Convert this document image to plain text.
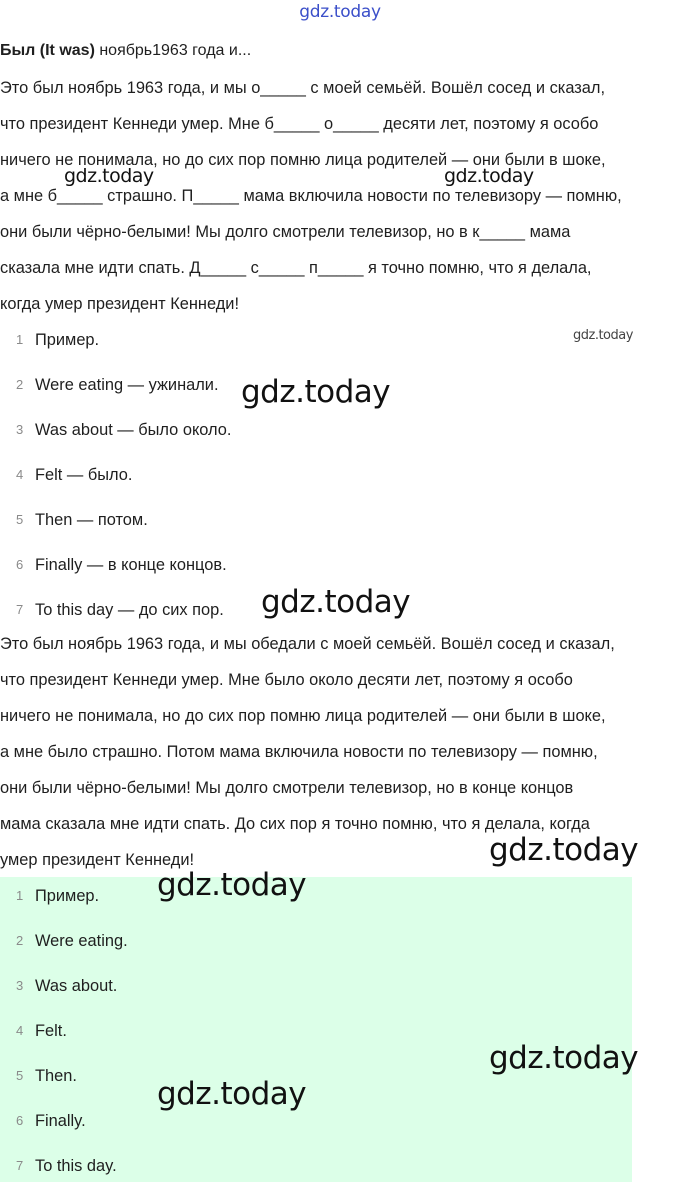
gdz.today
Был (It was) ноябрь1963 года и...
Это был ноябрь 1963 года, и мы о_____ с моей семьёй. Вошёл сосед и сказал,
что президент Кеннеди умер. Мне б_____ о_____ десяти лет, поэтому я особо
ничего не понимала, но до сих пор помню лица родителей — они были в шоке,
а мне б_____ страшно. П_____ мама включила новости по телевизору — помню,
они были чёрно-белыми! Мы долго смотрели телевизор, но в к_____ мама
сказала мне идти спать. Д_____ с_____ п_____ я точно помню, что я делала,
когда умер президент Кеннеди!
1 Пример.
2 Were eating — ужинали.
3 Was about — было около.
4 Felt — было.
5 Then — потом.
6 Finally — в конце концов.
7 To this day — до сих пор.
Это был ноябрь 1963 года, и мы обедали с моей семьёй. Вошёл сосед и сказал,
что президент Кеннеди умер. Мне было около десяти лет, поэтому я особо
ничего не понимала, но до сих пор помню лица родителей — они были в шоке,
а мне было страшно. Потом мама включила новости по телевизору — помню,
они были чёрно-белыми! Мы долго смотрели телевизор, но в конце концов
мама сказала мне идти спать. До сих пор я точно помню, что я делала, когда
умер президент Кеннеди!
1 Пример.
2 Were eating.
3 Was about.
4 Felt.
5 Then.
6 Finally.
7 To this day.
gdz.today	gdz.today
gdz.today
gdz.today
gdz.today
gdz.today
gdz.today
gdz.today
gdz.today
